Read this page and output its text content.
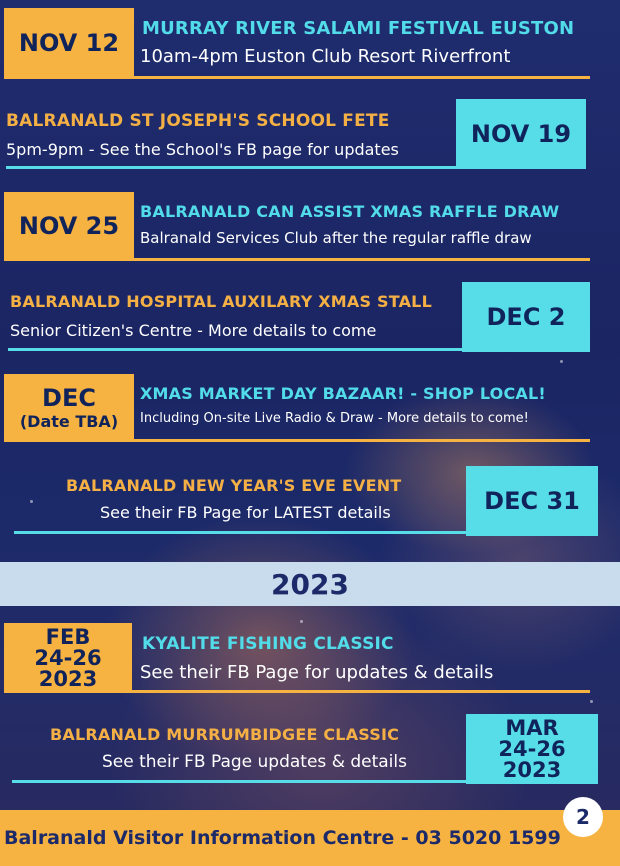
NOV 12 MURRAY RIVER SALAMI FESTIVAL EUSTON
10am-4pm Euston Club Resort Riverfront
BALRANALD ST JOSEPH'S SCHOOL FETE
5pm-9pm - See the School's FB page for updates
NOV 19
NOV 25
BALRANALD CAN ASSIST XMAS RAFFLE DRAW
Balranald Services Club after the regular raffle draw
BALRANALD HOSPITAL AUXILARY XMAS STALL
Senior Citizen's Centre - More details to come	DEC 2
DEC
(Date TBA)
XMAS MARKET DAY BAZAAR! - SHOP LOCAL!
Including On-site Live Radio & Draw - More details to come!
BALRANALD NEW YEAR'S EVE EVENT
See their FB Page for LATEST details	DEC 31
2023
FEB
24-26
2023
KYALITE FISHING CLASSIC
See their FB Page for updates & details
BALRANALD MURRUMBIDGEE CLASSIC
See their FB Page updates & details
MAR
24-26
2023
Balranald Visitor Information Centre - 03 5020 1599
2
